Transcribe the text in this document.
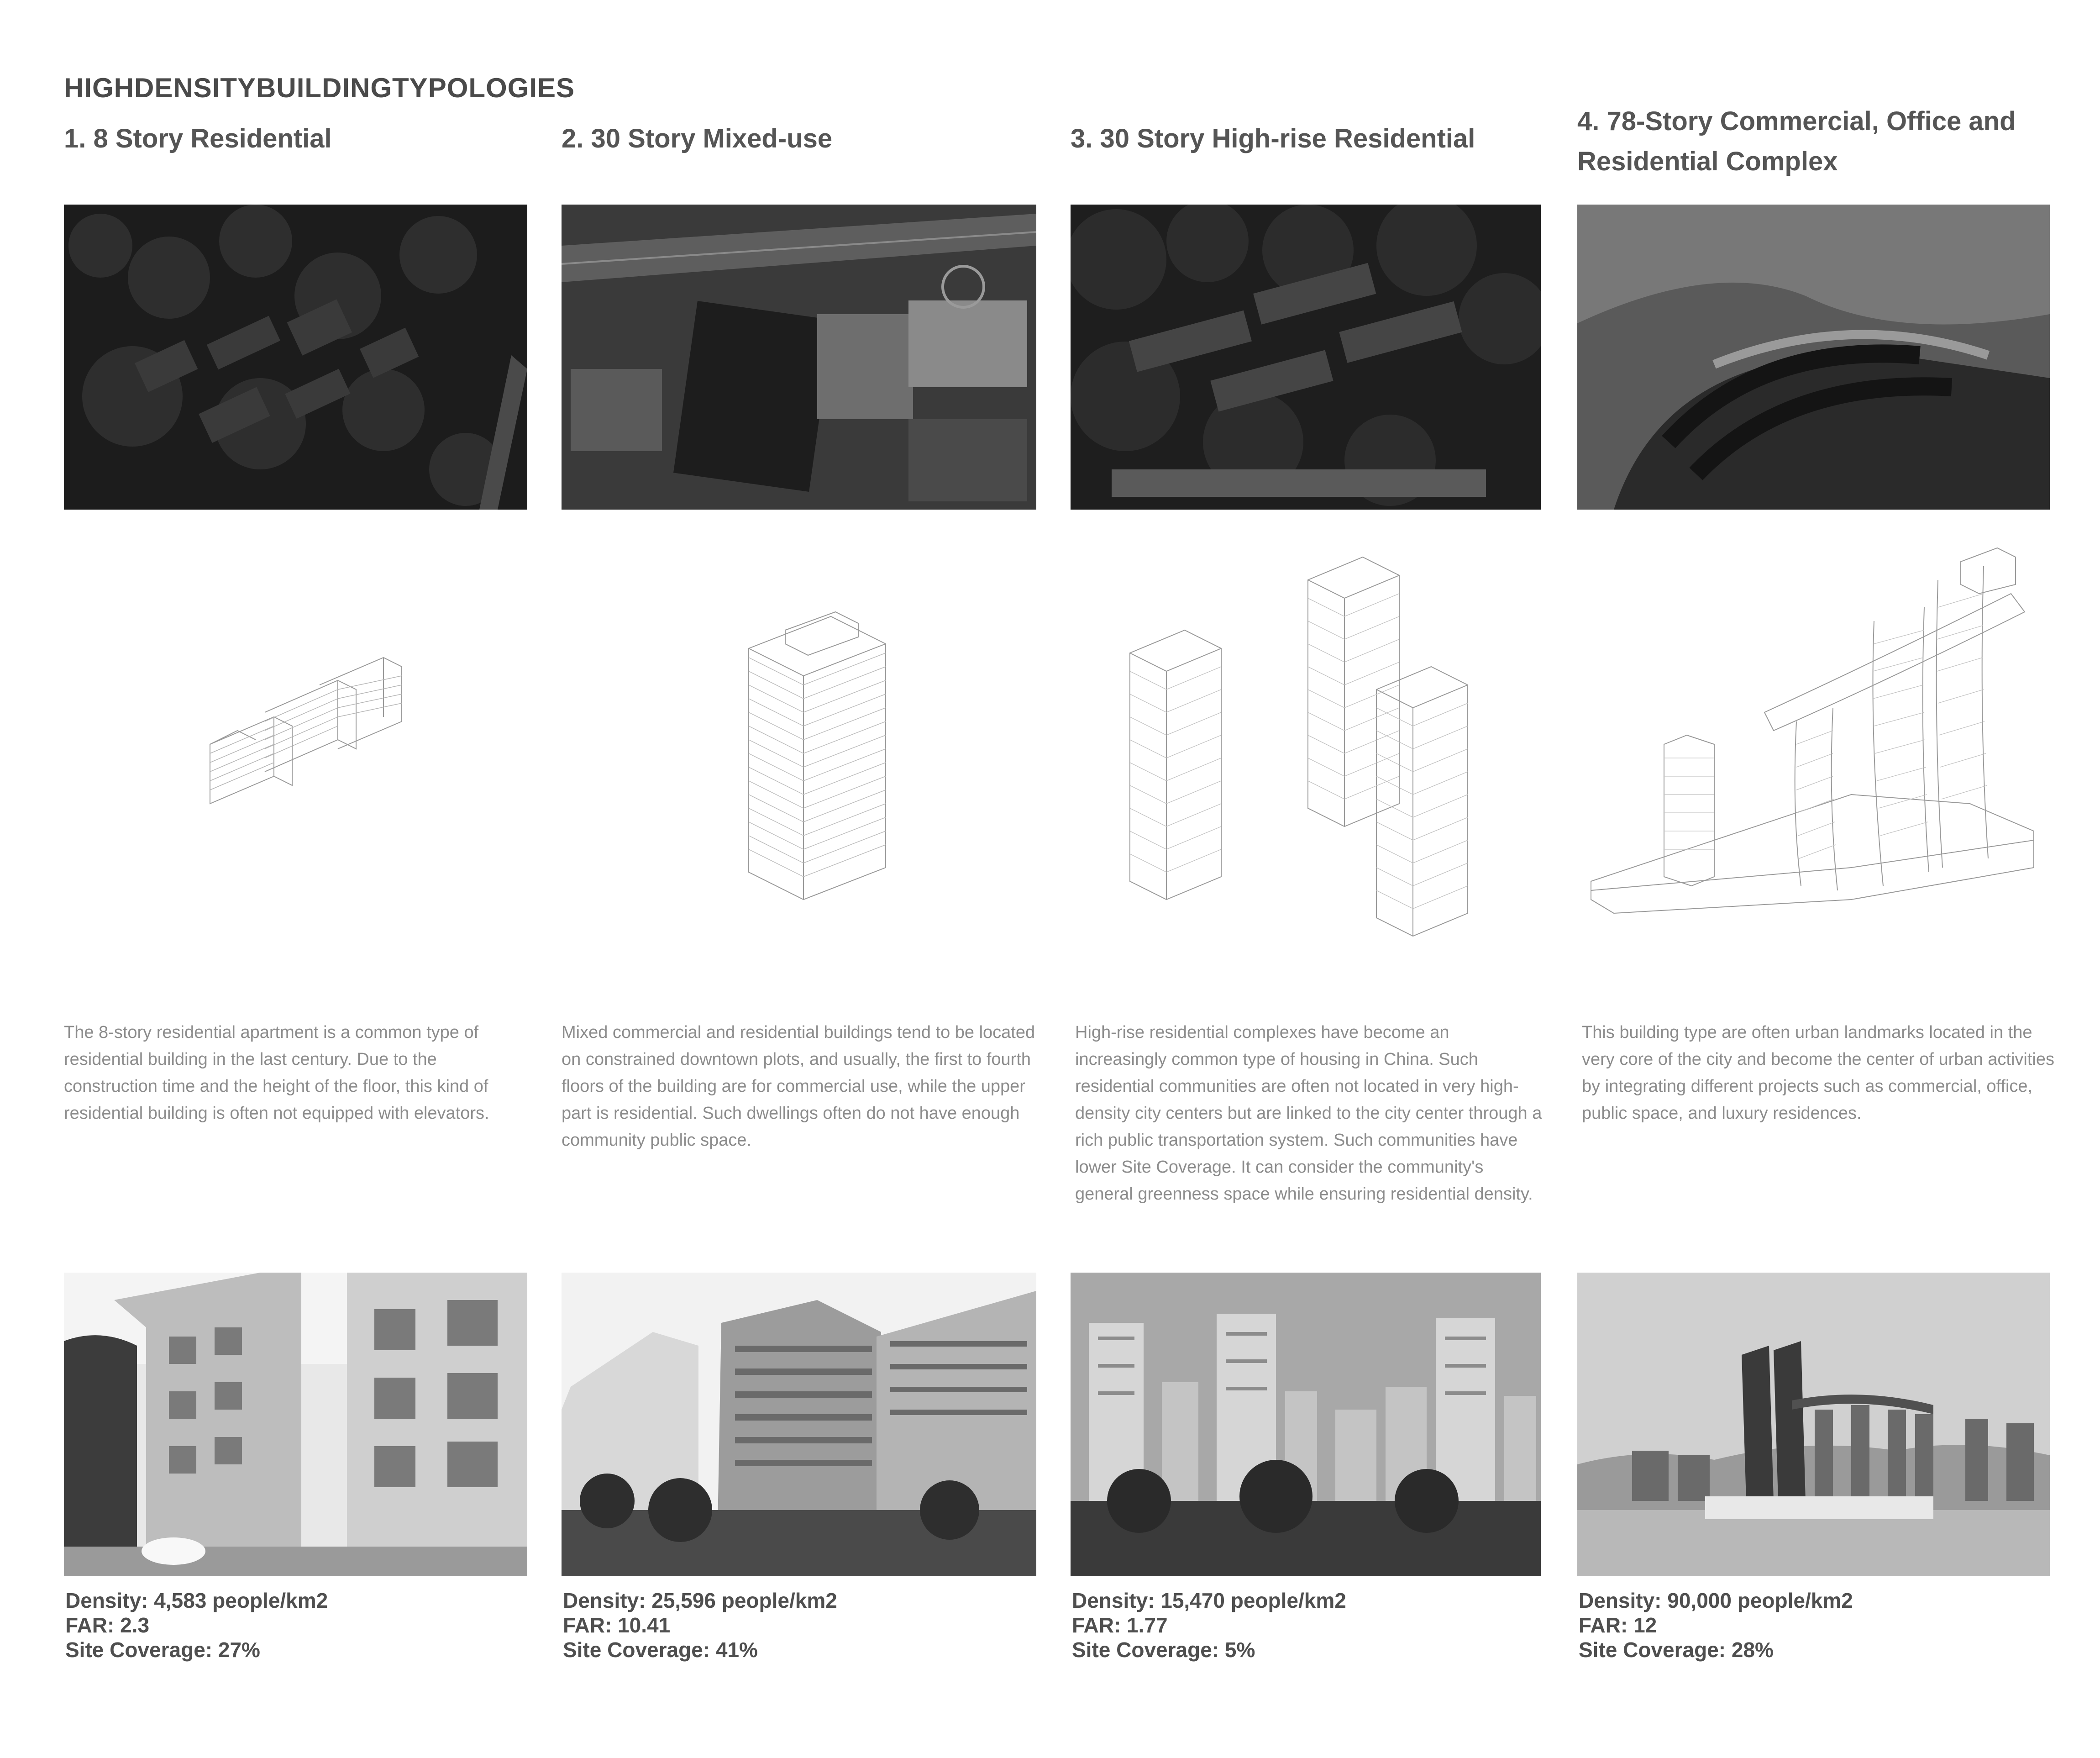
HIGHDENSITYBUILDINGTYPOLOGIES
1. 8 Story Residential
The 8-story residential apartment is a common type of residential building in the last century. Due to the construction time and the height of the floor, this kind of residential building is often not equipped with elevators.
Density: 4,583 people/km2
FAR: 2.3
Site Coverage: 27%
2. 30 Story Mixed-use
Mixed commercial and residential buildings tend to be located on constrained downtown plots, and usually, the first to fourth floors of the building are for commercial use, while the upper part is residential. Such dwellings often do not have enough community public space.
Density: 25,596 people/km2
FAR: 10.41
Site Coverage: 41%
3. 30 Story High-rise Residential
High-rise residential complexes have become an increasingly common type of housing in China. Such residential communities are often not located in very high-density city centers but are linked to the city center through a rich public transportation system. Such communities have lower Site Coverage. It can consider the community's general greenness space while ensuring residential density.
Density: 15,470 people/km2
FAR: 1.77
Site Coverage: 5%
4. 78-Story Commercial, Office and Residential Complex
This building type are often urban landmarks located in the very core of the city and become the center of urban activities by integrating different projects such as commercial, office, public space, and luxury residences.
Density: 90,000 people/km2
FAR: 12
Site Coverage: 28%
